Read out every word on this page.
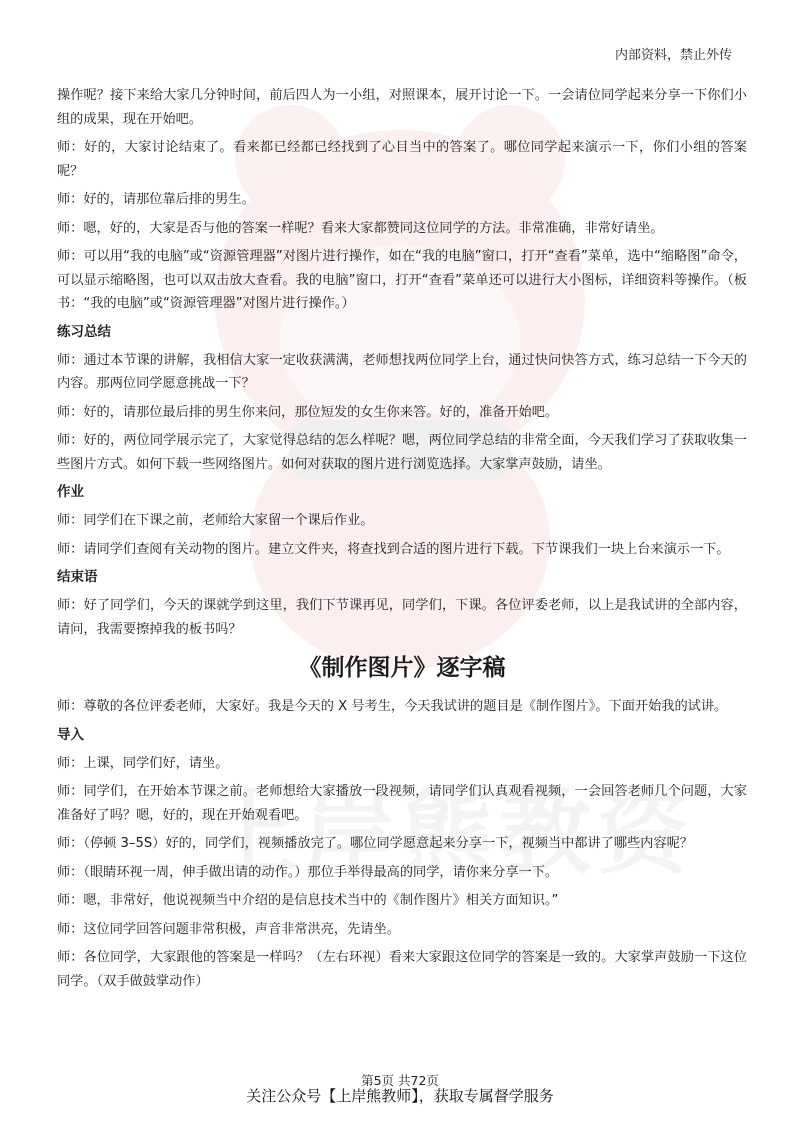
内部资料，禁止外传

操作呢？接下来给大家几分钟时间，前后四人为一小组，对照课本，展开讨论一下。一会请位同学起来分享一下你们小组的成果，现在开始吧。

师：好的，大家讨论结束了。看来都已经都已经找到了心目当中的答案了。哪位同学起来演示一下，你们小组的答案呢？

师：好的，请那位靠后排的男生。

师：嗯，好的，大家是否与他的答案一样呢？看来大家都赞同这位同学的方法。非常准确，非常好请坐。

师：可以用“我的电脑”或“资源管理器”对图片进行操作，如在“我的电脑”窗口，打开“查看”菜单，选中“缩略图”命令，可以显示缩略图，也可以双击放大查看。我的电脑”窗口，打开“查看”菜单还可以进行大小图标，详细资料等操作。（板书：“我的电脑”或“资源管理器”对图片进行操作。）

练习总结

师：通过本节课的讲解，我相信大家一定收获满满，老师想找两位同学上台，通过快问快答方式，练习总结一下今天的内容。那两位同学愿意挑战一下？

师：好的，请那位最后排的男生你来问，那位短发的女生你来答。好的，准备开始吧。

师：好的，两位同学展示完了，大家觉得总结的怎么样呢？嗯，两位同学总结的非常全面，今天我们学习了获取收集一些图片方式。如何下载一些网络图片。如何对获取的图片进行浏览选择。大家掌声鼓励，请坐。

作业

师：同学们在下课之前，老师给大家留一个课后作业。

师：请同学们查阅有关动物的图片。建立文件夹，将查找到合适的图片进行下载。下节课我们一块上台来演示一下。

结束语

师：好了同学们，今天的课就学到这里，我们下节课再见，同学们，下课。各位评委老师，以上是我试讲的全部内容，请问，我需要擦掉我的板书吗？

《制作图片》逐字稿

师：尊敬的各位评委老师，大家好。我是今天的 X 号考生，今天我试讲的题目是《制作图片》。下面开始我的试讲。

导入

师：上课，同学们好，请坐。

师：同学们，在开始本节课之前。老师想给大家播放一段视频，请同学们认真观看视频，一会回答老师几个问题，大家准备好了吗？嗯，好的，现在开始观看吧。

师：（停顿 3–5S）好的，同学们，视频播放完了。哪位同学愿意起来分享一下，视频当中都讲了哪些内容呢？

师：（眼睛环视一周，伸手做出请的动作。）那位手举得最高的同学，请你来分享一下。

师：嗯，非常好，他说视频当中介绍的是信息技术当中的《制作图片》相关方面知识。”

师：这位同学回答问题非常积极，声音非常洪亮，先请坐。

师：各位同学，大家跟他的答案是一样吗？（左右环视）看来大家跟这位同学的答案是一致的。大家掌声鼓励一下这位同学。（双手做鼓掌动作）

第5页 共72页
关注公众号【上岸熊教师】，获取专属督学服务
